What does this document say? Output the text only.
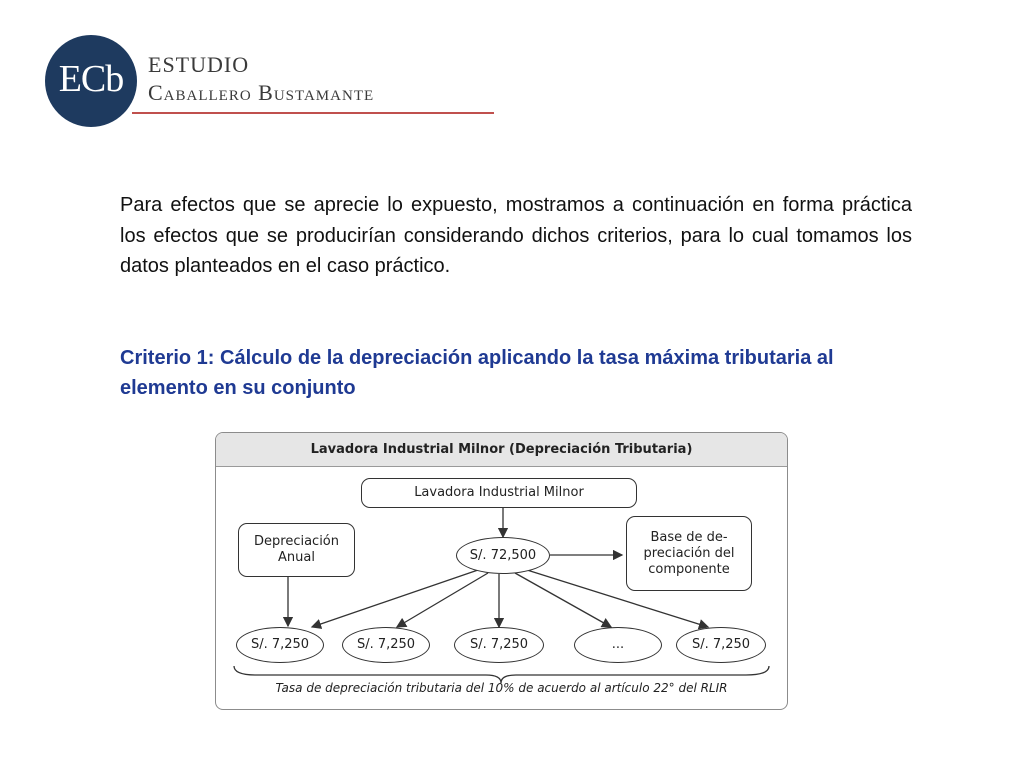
ECb ESTUDIO
Caballero Bustamante

Para efectos que se aprecie lo expuesto, mostramos a continuación en forma práctica los efectos que se producirían considerando dichos criterios, para lo cual tomamos los datos planteados en el caso práctico.

Criterio 1: Cálculo de la depreciación aplicando la tasa máxima tributaria al elemento en su conjunto

Lavadora Industrial Milnor (Depreciación Tributaria)
Lavadora Industrial Milnor
Depreciación Anual	S/. 72,500
Base de de-preciación del componente
S/. 7,250	S/. 7,250	S/. 7,250	...	S/. 7,250
Tasa de depreciación tributaria del 10% de acuerdo al artículo 22° del RLIR
